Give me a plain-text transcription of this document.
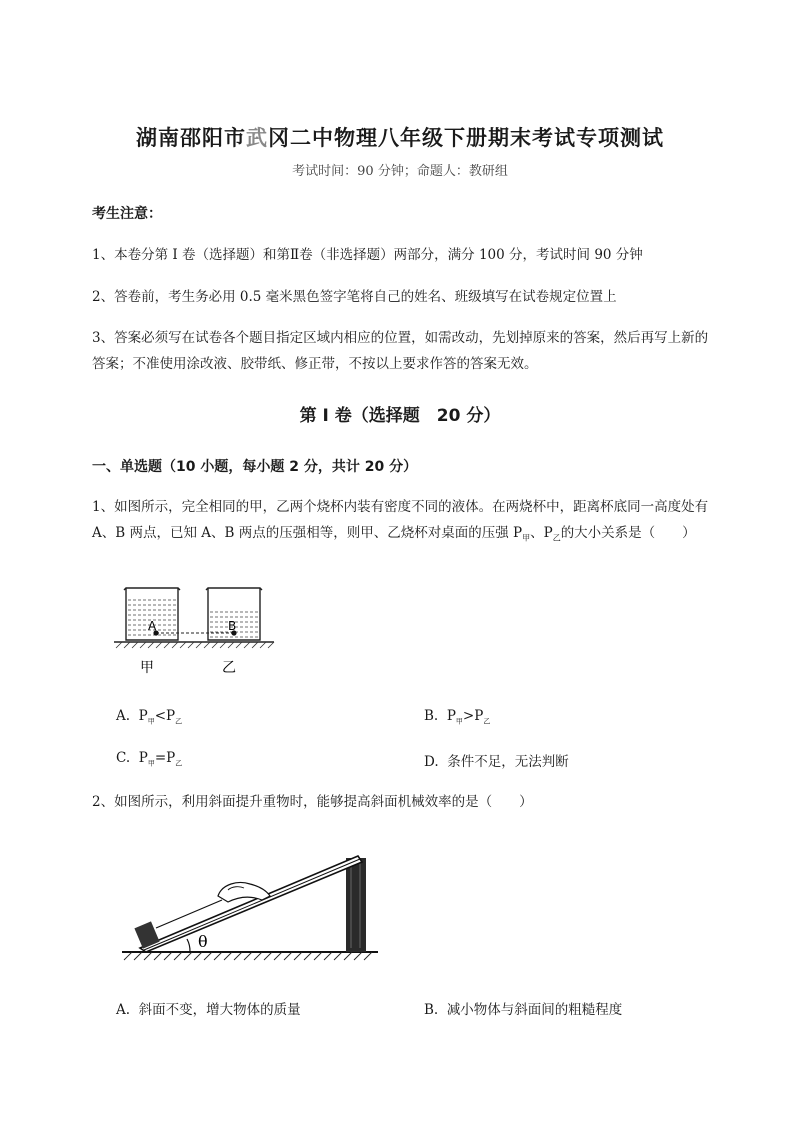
湖南邵阳市武冈二中物理八年级下册期末考试专项测试
考试时间：90 分钟；命题人：教研组
考生注意：
1、本卷分第 I 卷（选择题）和第Ⅱ卷（非选择题）两部分，满分 100 分，考试时间 90 分钟
2、答卷前，考生务必用 0.5 毫米黑色签字笔将自己的姓名、班级填写在试卷规定位置上
3、答案必须写在试卷各个题目指定区域内相应的位置，如需改动，先划掉原来的答案，然后再写上新的答案；不准使用涂改液、胶带纸、修正带，不按以上要求作答的答案无效。
第 I 卷（选择题　20 分）
一、单选题（10 小题，每小题 2 分，共计 20 分）
1、如图所示，完全相同的甲，乙两个烧杯内装有密度不同的液体。在两烧杯中，距离杯底同一高度处有 A、B 两点，已知 A、B 两点的压强相等，则甲、乙烧杯对桌面的压强 $P_甲$、$P_乙$的大小关系是（　　）
A	B
甲	乙
A. $P_甲<P_乙$	B. $P_甲>P_乙$
C. $P_甲=P_乙$	D. 条件不足，无法判断
2、如图所示，利用斜面提升重物时，能够提高斜面机械效率的是（　　）
θ
A. 斜面不变，增大物体的质量	B. 减小物体与斜面间的粗糙程度
